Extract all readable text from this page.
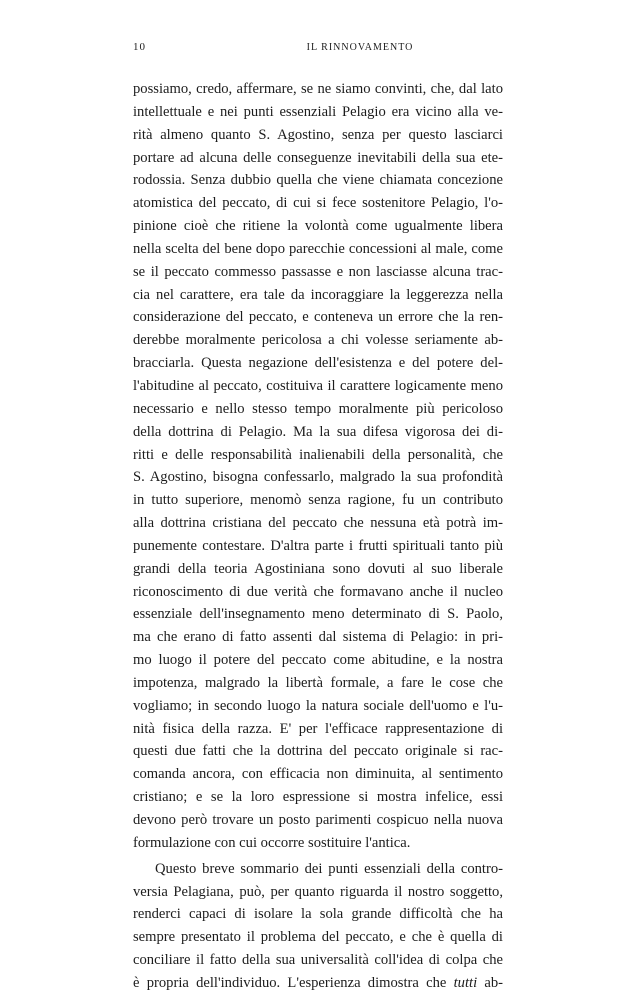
10	IL RINNOVAMENTO
possiamo, credo, affermare, se ne siamo convinti, che, dal lato
intellettuale e nei punti essenziali Pelagio era vicino alla ve-
rità almeno quanto S. Agostino, senza per questo lasciarci
portare ad alcuna delle conseguenze inevitabili della sua ete-
rodossia. Senza dubbio quella che viene chiamata concezione
atomistica del peccato, di cui si fece sostenitore Pelagio, l'o-
pinione cioè che ritiene la volontà come ugualmente libera
nella scelta del bene dopo parecchie concessioni al male, come
se il peccato commesso passasse e non lasciasse alcuna trac-
cia nel carattere, era tale da incoraggiare la leggerezza nella
considerazione del peccato, e conteneva un errore che la ren-
derebbe moralmente pericolosa a chi volesse seriamente ab-
bracciarla. Questa negazione dell'esistenza e del potere del-
l'abitudine al peccato, costituiva il carattere logicamente meno
necessario e nello stesso tempo moralmente più pericoloso
della dottrina di Pelagio. Ma la sua difesa vigorosa dei di-
ritti e delle responsabilità inalienabili della personalità, che
S. Agostino, bisogna confessarlo, malgrado la sua profondità
in tutto superiore, menomò senza ragione, fu un contributo
alla dottrina cristiana del peccato che nessuna età potrà im-
punemente contestare. D'altra parte i frutti spirituali tanto più
grandi della teoria Agostiniana sono dovuti al suo liberale
riconoscimento di due verità che formavano anche il nucleo
essenziale dell'insegnamento meno determinato di S. Paolo,
ma che erano di fatto assenti dal sistema di Pelagio: in pri-
mo luogo il potere del peccato come abitudine, e la nostra
impotenza, malgrado la libertà formale, a fare le cose che
vogliamo; in secondo luogo la natura sociale dell'uomo e l'u-
nità fisica della razza. E' per l'efficace rappresentazione di
questi due fatti che la dottrina del peccato originale si rac-
comanda ancora, con efficacia non diminuita, al sentimento
cristiano; e se la loro espressione si mostra infelice, essi
devono però trovare un posto parimenti cospicuo nella nuova
formulazione con cui occorre sostituire l'antica.
Questo breve sommario dei punti essenziali della contro-
versia Pelagiana, può, per quanto riguarda il nostro soggetto,
renderci capaci di isolare la sola grande difficoltà che ha
sempre presentato il problema del peccato, e che è quella di
conciliare il fatto della sua universalità coll'idea di colpa che
è propria dell'individuo. L'esperienza dimostra che tutti ab-
